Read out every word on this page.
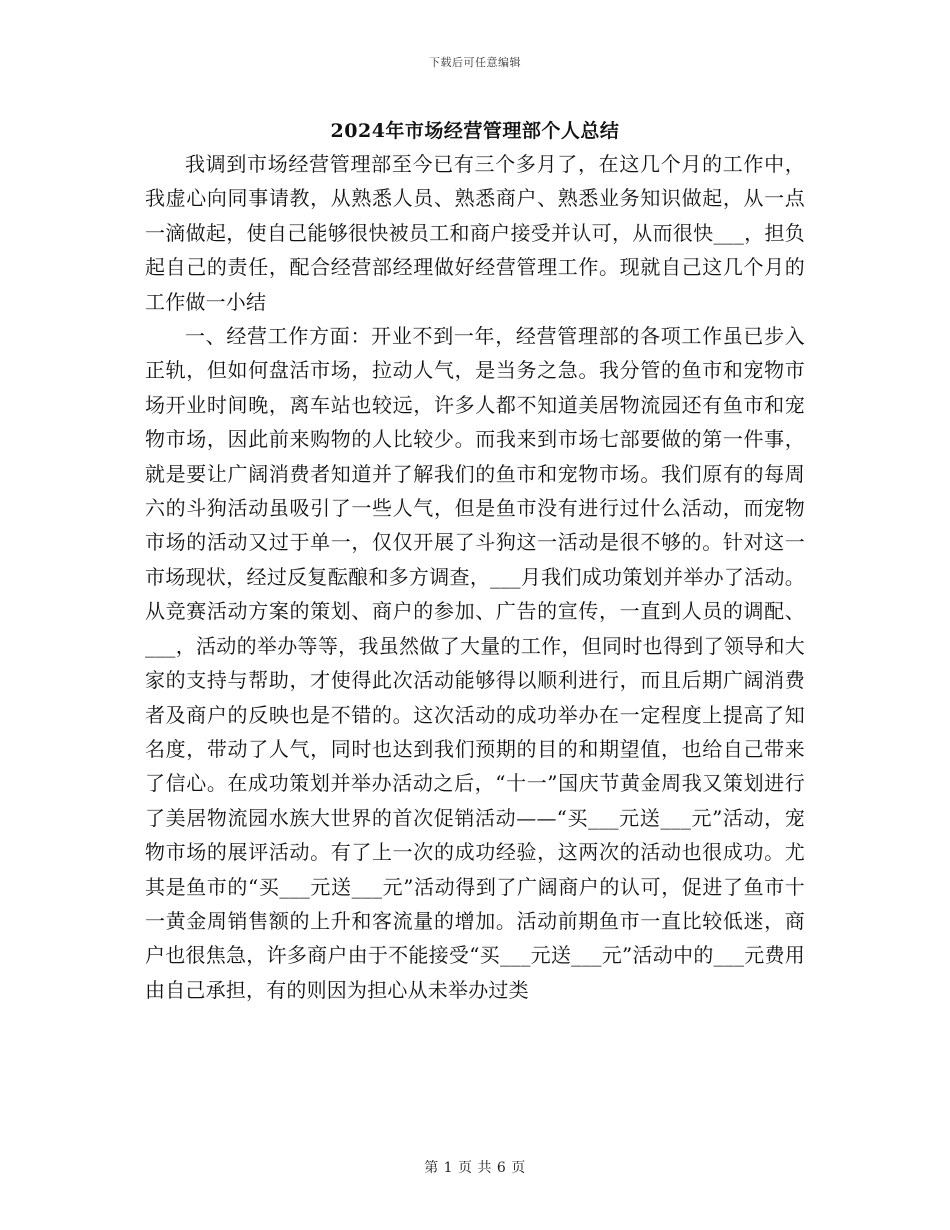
下载后可任意编辑
2024年市场经营管理部个人总结

我调到市场经营管理部至今已有三个多月了，在这几个月的工作中，我虚心向同事请教，从熟悉人员、熟悉商户、熟悉业务知识做起，从一点一滴做起，使自己能够很快被员工和商户接受并认可，从而很快___，担负起自己的责任，配合经营部经理做好经营管理工作。现就自己这几个月的工作做一小结

一、经营工作方面：开业不到一年，经营管理部的各项工作虽已步入正轨，但如何盘活市场，拉动人气，是当务之急。我分管的鱼市和宠物市场开业时间晚，离车站也较远，许多人都不知道美居物流园还有鱼市和宠物市场，因此前来购物的人比较少。而我来到市场七部要做的第一件事，就是要让广阔消费者知道并了解我们的鱼市和宠物市场。我们原有的每周六的斗狗活动虽吸引了一些人气，但是鱼市没有进行过什么活动，而宠物市场的活动又过于单一，仅仅开展了斗狗这一活动是很不够的。针对这一市场现状，经过反复酝酿和多方调查，___月我们成功策划并举办了活动。从竞赛活动方案的策划、商户的参加、广告的宣传，一直到人员的调配、___，活动的举办等等，我虽然做了大量的工作，但同时也得到了领导和大家的支持与帮助，才使得此次活动能够得以顺利进行，而且后期广阔消费者及商户的反映也是不错的。这次活动的成功举办在一定程度上提高了知名度，带动了人气，同时也达到我们预期的目的和期望值，也给自己带来了信心。在成功策划并举办活动之后，“十一”国庆节黄金周我又策划进行了美居物流园水族大世界的首次促销活动——“买___元送___元”活动，宠物市场的展评活动。有了上一次的成功经验，这两次的活动也很成功。尤其是鱼市的“买___元送___元”活动得到了广阔商户的认可，促进了鱼市十一黄金周销售额的上升和客流量的增加。活动前期鱼市一直比较低迷，商户也很焦急，许多商户由于不能接受“买___元送___元”活动中的___元费用由自己承担，有的则因为担心从未举办过类

第 1 页 共 6 页
